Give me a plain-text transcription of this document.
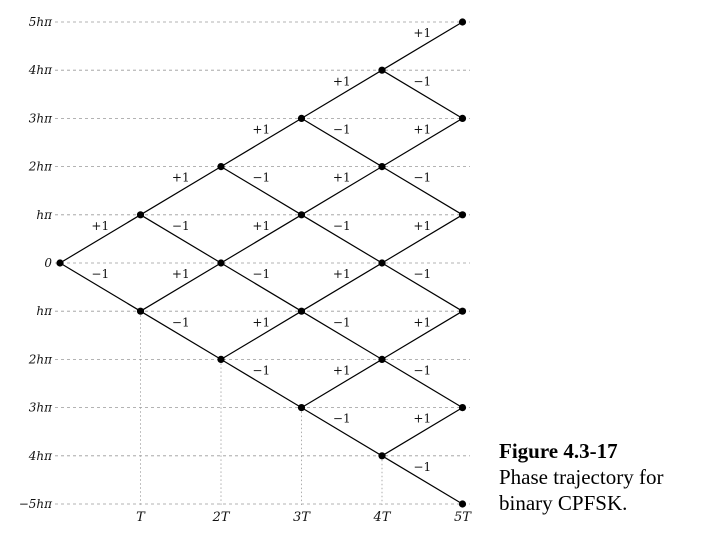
5hπ
4hπ
3hπ
2hπ
hπ
0
hπ
2hπ
3hπ
4hπ
−5hπ
T	2T	3T	4T	5T
+1
−1	+1
−1
+1
−1
+1
−1
+1
−1
+1
−1
+1
−1
+1
−1
+1
−1
+1
−1
+1
−1
+1
−1
+1
−1
+1
−1
+1
−1
Figure 4.3-17
Phase trajectory for binary CPFSK.
